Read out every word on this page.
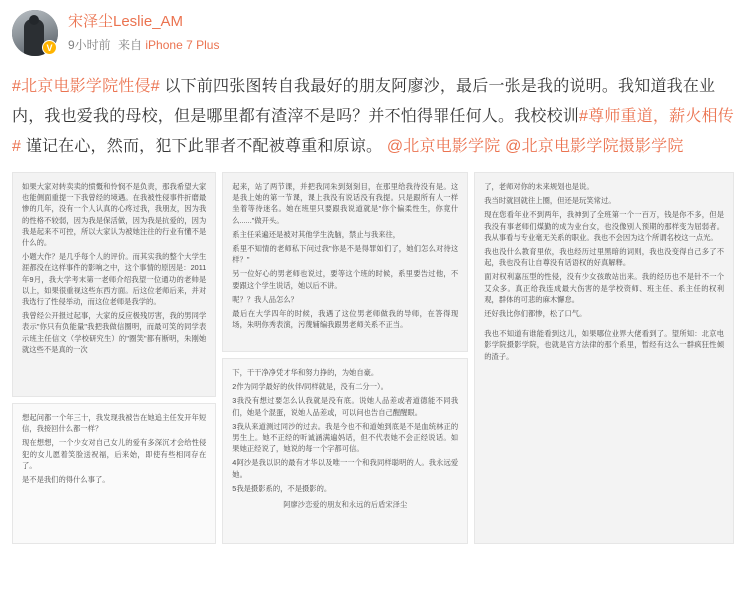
V
宋泽尘Leslie_AM
9小时前 来自 iPhone 7 Plus
#北京电影学院性侵# 以下前四张图转自我最好的朋友阿廖沙，最后一张是我的说明。我知道我在业内，我也爱我的母校，但是哪里都有渣滓不是吗？并不怕得罪任何人。我校校训#尊师重道，薪火相传# 谨记在心，然而，犯下此罪者不配被尊重和原谅。 @北京电影学院 @北京电影学院摄影学院

如果大家对转卖卖的愤慨和怜悯不是负责，那我希望大家也能侧面重提一下我曾经的境遇。在我被性侵事件折磨最惨的几年，没有一个人认真的心疼过我，我朋友，因为我的性格不较弱，因为我是保活做，因为我是抗爱的，因为我是起来不可控，所以大家认为被她注往的行业有懂不是什么的。

小题大作？是几乎每个人的评价。而其实我的整个大学生涯都没在这样事件的影响之中，这个事情的原因是：2011年9月，我大学考末第一老师介绍我望一位通功的老帅是以上，如果很重视这些东西方面。后这位老师后来，并对我选行了性侵举动，而这位老师是我学的。

我曾经公开报过起事，大家的反应极残厉害，我的男同学表示"你只有负能量"我把我做信圈明，而最可笑的同学表示班主任信文（学校研究生）的"圈笑"都有断明，朱刚她就这些不是真的一次

想起问都一个年三十，我发现我被告在她追主任发开年短信，我接回什么都一样？

现在想想，一个少女对自己女儿的爱有多深沉才会给性侵犯的女儿愿着笑脸送祝福，后来始，即使有些相同存在了。

是不是我们的得什么事了。

起来，站了两节课，并把我同朱到刻刻目，在那里给我待没有是。这是我上她的第一节课，课上我没有说话没有我提。只是跟所有人一样坐着等待迷名。她在班里只要跟我说道就是"你个偏柔性生，你竟什么......"做开头。

系主任采遍还是被对其他学生洗脑，禁止与我来往，

系里不知情的老师私下问过我"你是不是得罪如们了，她们怎么对待这样？"

另一位好心的男老师也说过，要等这个班的时候，系里要告过他，不要跟这个学生说话，她以后不讲。

呢？？我人品怎么？

最后在大学四年的时候，我遇了这位男老师做我的导师，在答得现场，朱明你秀表演，污蔑辅编我跟男老师关系不正当。

下，干干净净凭才华和努力挣的，为她自豪。

2作为同学最好的伙伴/同样就是，没有二分一）。

3我没有想过要怎么认我就是没有底。说她人品差或者道德能不同我们，她是个混蛋，说她人品差或，可以问也告自己醒醒眼。

3我从来道测过同沙的过去。我是今也不和道她到底是不是血统林正的男生上。她不正经的听诚涵满遍妈话，但不代表她不会正经说话。如果她正经说了，她说的每一个字都可信。

4阿沙是我以识的最有才华以及唯一一个和我同样聪明的人。我永远爱她。

5我是摄影系的，不是摄影的。

阿廖沙恋爱的朋友和永远的后盾宋泽尘

了，老师对你的未来规划也是说。

我当时就回就往上圈，但还是玩笑常过。

现在您看年业不到两年，我神到了全班第一个一百万，钱是你不多，但是我没有事老师们煤勤的成为业台女，也没像别人预期的那样变为屈弱者。我从事看与专业毫无关系的职业。我也不会因为这个所谓名校这一点光。

我也没什么教育里依，我也经历过里黑暗的词则，我也没变得自己多了不起，我也没有让自尊没有话语权的好真解释。

面对权利嘉压型的性侵，没有少女孩敢站出来。我的经历也不是针不一个艾众多。真正给我连成最大伤害的是学校资师、班主任、系主任的权利观，群体的可悲的麻木懈怠。

还好我比你们都惨，松了口气。

我也不知道有谁能看到这儿，如果哪位业界大佬看到了。望所知：北京电影学院摄影学院，也就是官方法律的那个系里，暂经有这么一群疯狂性倾的渣子。
